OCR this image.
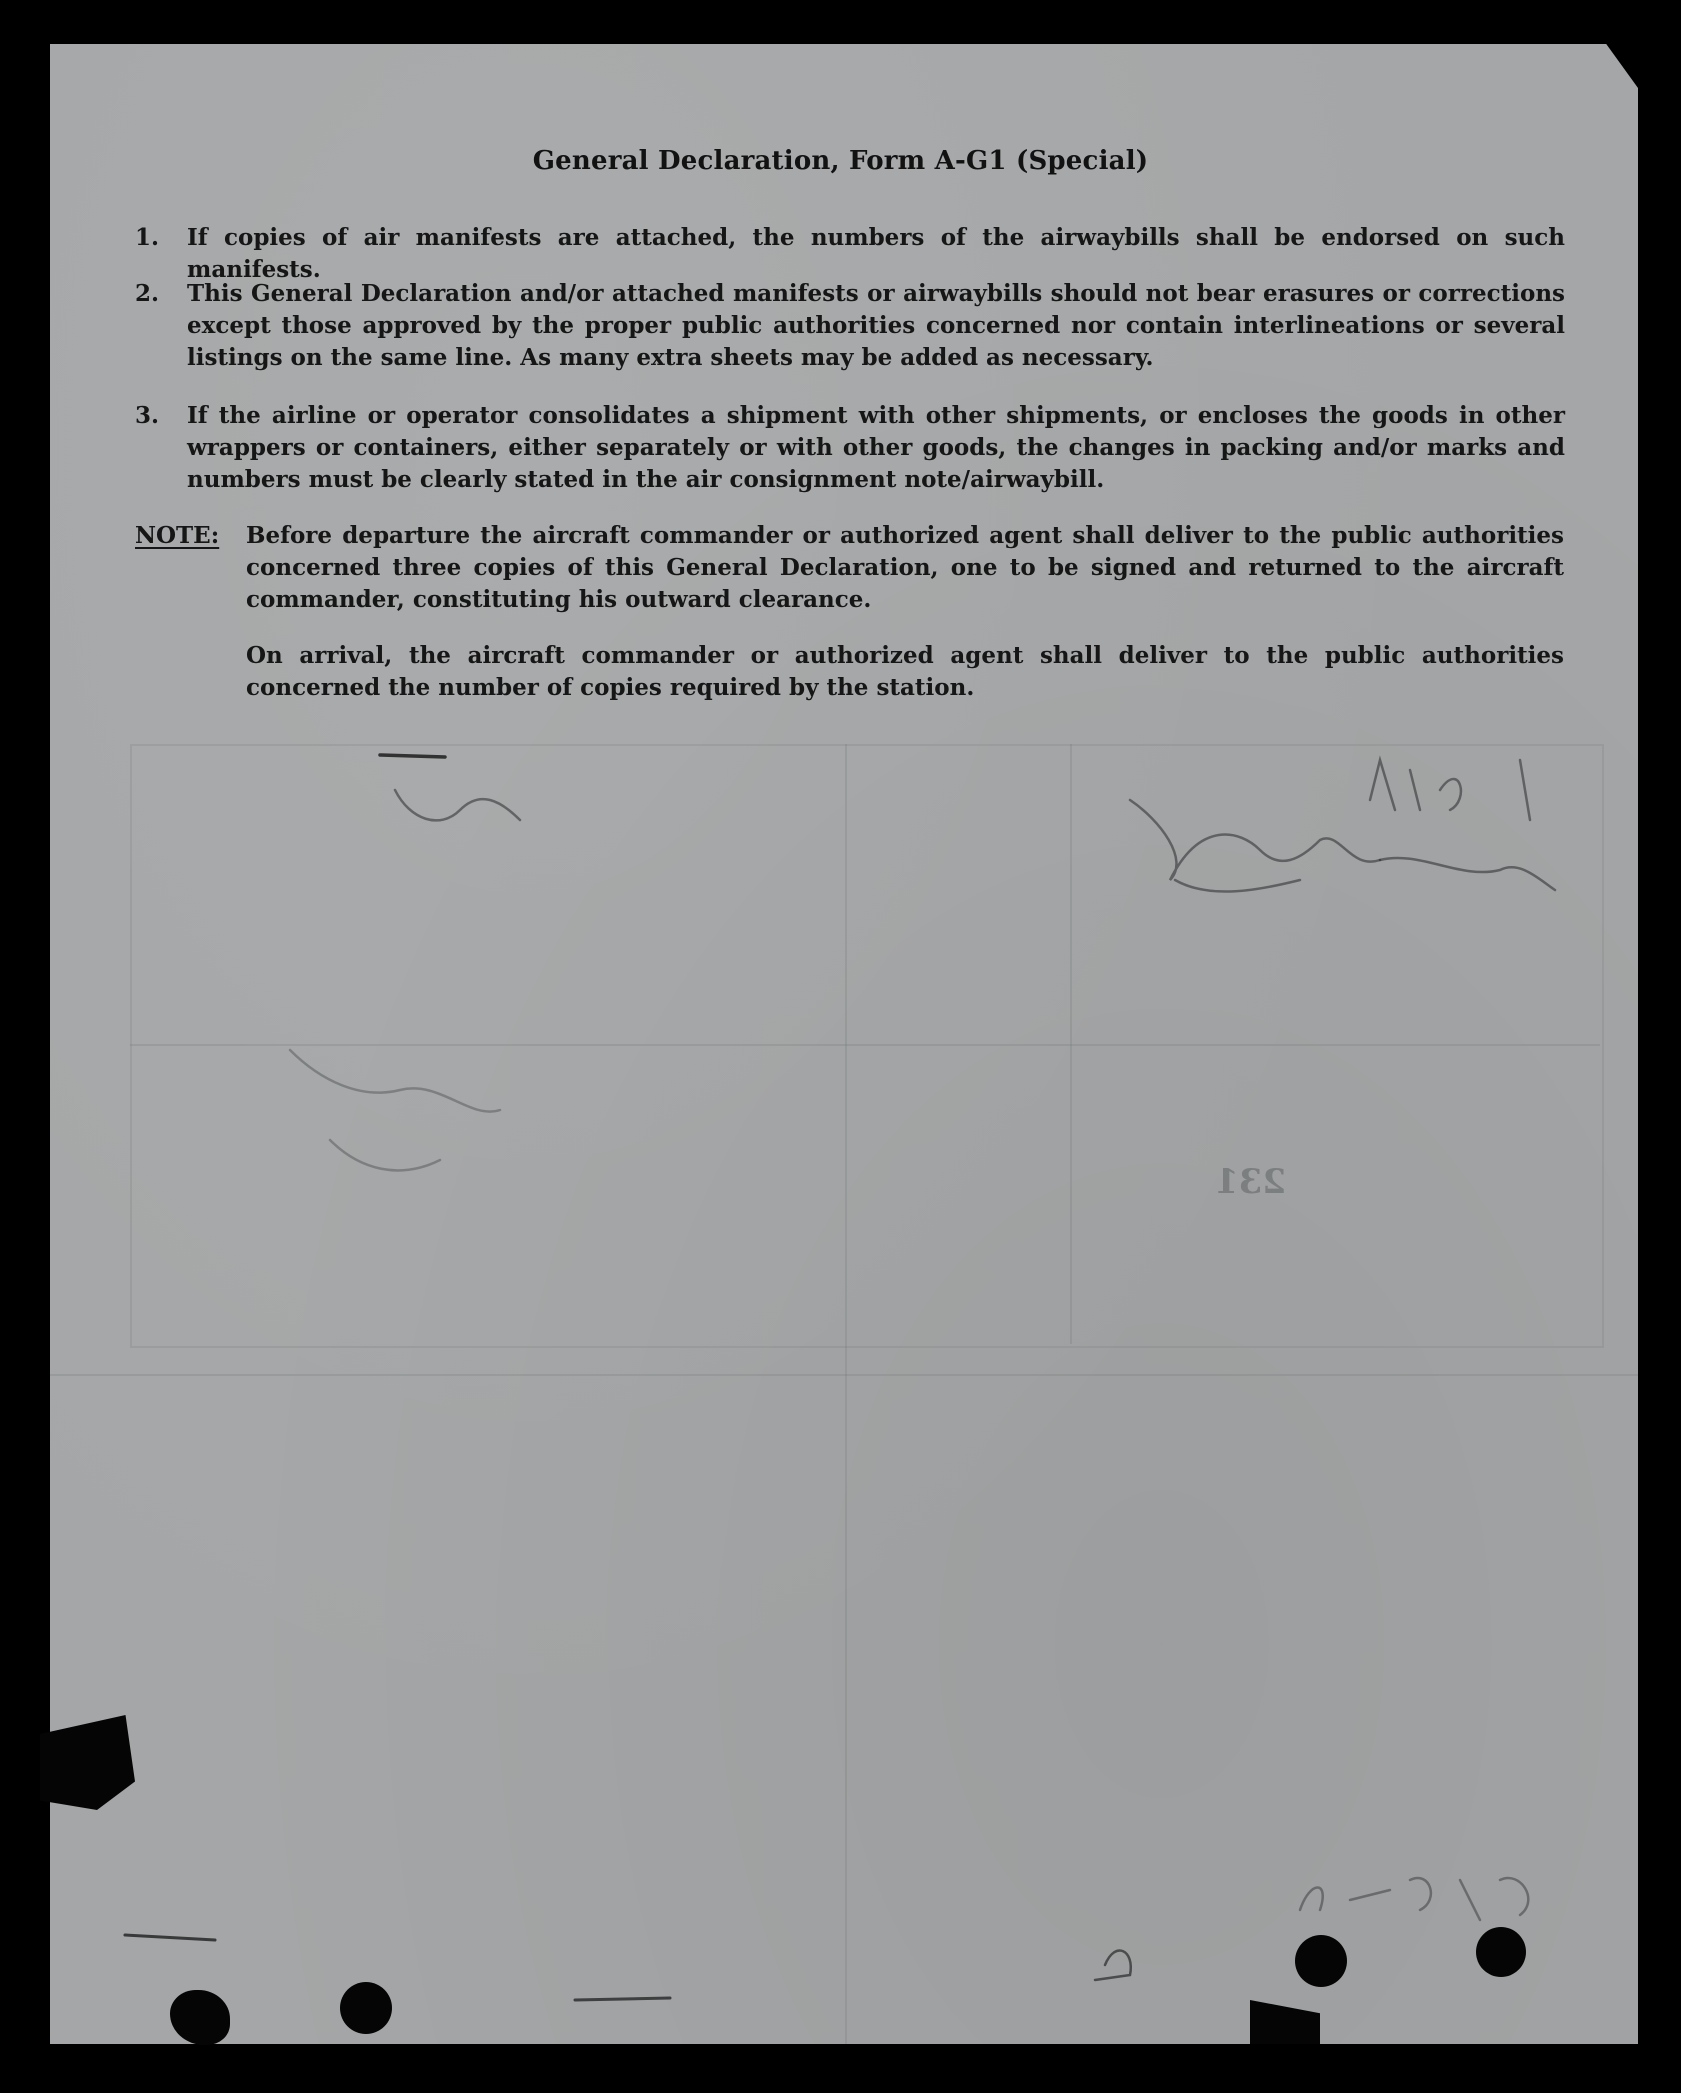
General Declaration, Form A-G1 (Special)
1.	If copies of air manifests are attached, the numbers of the airwaybills shall be endorsed on such manifests.
2.	This General Declaration and/or attached manifests or airwaybills should not bear erasures or corrections except those approved by the proper public authorities concerned nor contain interlineations or several listings on the same line. As many extra sheets may be added as necessary.
3.	If the airline or operator consolidates a shipment with other shipments, or encloses the goods in other wrappers or containers, either separately or with other goods, the changes in packing and/or marks and numbers must be clearly stated in the air consignment note/airwaybill.
NOTE: Before departure the aircraft commander or authorized agent shall deliver to the public authorities concerned three copies of this General Declaration, one to be signed and returned to the aircraft commander, constituting his outward clearance.
On arrival, the aircraft commander or authorized agent shall deliver to the public authorities concerned the number of copies required by the station.
231
